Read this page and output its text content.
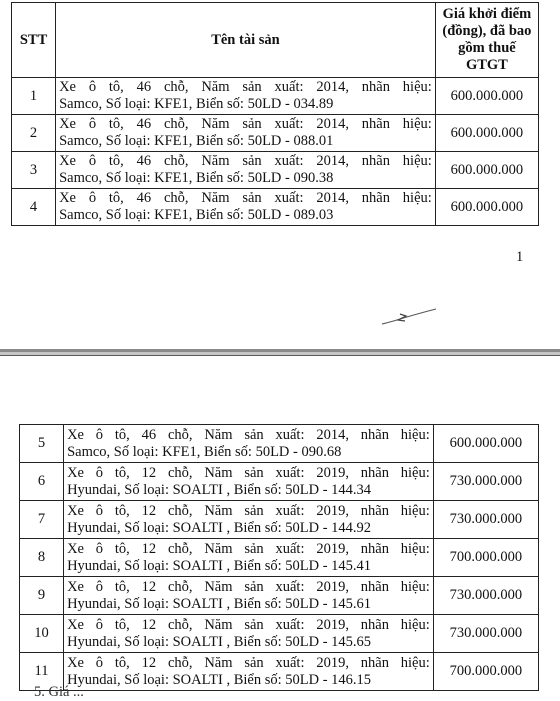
STT	Tên tài sản	Giá khởi điểm (đồng), đã bao gồm thuế GTGT
1	Xe ô tô, 46 chỗ, Năm sản xuất: 2014, nhãn hiệu:
Samco, Số loại: KFE1, Biển số: 50LD - 034.89	600.000.000
2	Xe ô tô, 46 chỗ, Năm sản xuất: 2014, nhãn hiệu:
Samco, Số loại: KFE1, Biển số: 50LD - 088.01	600.000.000
3	Xe ô tô, 46 chỗ, Năm sản xuất: 2014, nhãn hiệu:
Samco, Số loại: KFE1, Biển số: 50LD - 090.38	600.000.000
4	Xe ô tô, 46 chỗ, Năm sản xuất: 2014, nhãn hiệu:
Samco, Số loại: KFE1, Biển số: 50LD - 089.03	600.000.000
1
5	Xe ô tô, 46 chỗ, Năm sản xuất: 2014, nhãn hiệu:
Samco, Số loại: KFE1, Biển số: 50LD - 090.68	600.000.000
6	Xe ô tô, 12 chỗ, Năm sản xuất: 2019, nhãn hiệu:
Hyundai, Số loại: SOALTI , Biển số: 50LD - 144.34	730.000.000
7	Xe ô tô, 12 chỗ, Năm sản xuất: 2019, nhãn hiệu:
Hyundai, Số loại: SOALTI , Biển số: 50LD - 144.92	730.000.000
8	Xe ô tô, 12 chỗ, Năm sản xuất: 2019, nhãn hiệu:
Hyundai, Số loại: SOALTI , Biển số: 50LD - 145.41	700.000.000
9	Xe ô tô, 12 chỗ, Năm sản xuất: 2019, nhãn hiệu:
Hyundai, Số loại: SOALTI , Biển số: 50LD - 145.61	730.000.000
10	Xe ô tô, 12 chỗ, Năm sản xuất: 2019, nhãn hiệu:
Hyundai, Số loại: SOALTI , Biển số: 50LD - 145.65	730.000.000
11	Xe ô tô, 12 chỗ, Năm sản xuất: 2019, nhãn hiệu:
Hyundai, Số loại: SOALTI , Biển số: 50LD - 146.15	700.000.000
5. Giá ...
